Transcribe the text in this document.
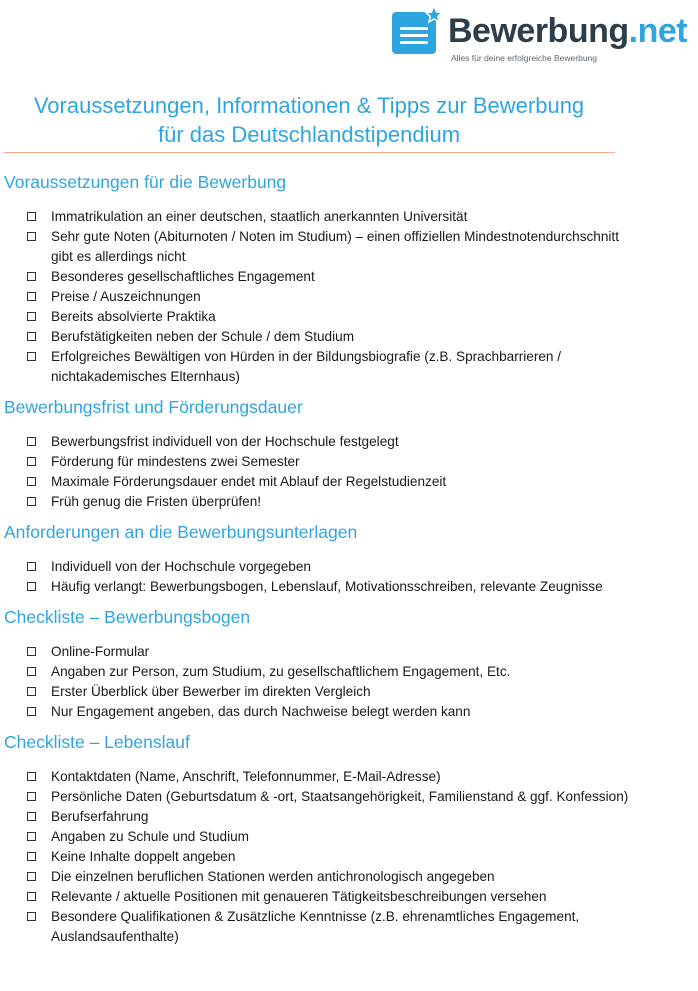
Bewerbung.net
Alles für deine erfolgreiche Bewerbung
Voraussetzungen, Informationen & Tipps zur Bewerbung
für das Deutschlandstipendium
Voraussetzungen für die Bewerbung
Immatrikulation an einer deutschen, staatlich anerkannten Universität
Sehr gute Noten (Abiturnoten / Noten im Studium) – einen offiziellen Mindestnotendurchschnitt gibt es allerdings nicht
Besonderes gesellschaftliches Engagement
Preise / Auszeichnungen
Bereits absolvierte Praktika
Berufstätigkeiten neben der Schule / dem Studium
Erfolgreiches Bewältigen von Hürden in der Bildungsbiografie (z.B. Sprachbarrieren / nichtakademisches Elternhaus)
Bewerbungsfrist und Förderungsdauer
Bewerbungsfrist individuell von der Hochschule festgelegt
Förderung für mindestens zwei Semester
Maximale Förderungsdauer endet mit Ablauf der Regelstudienzeit
Früh genug die Fristen überprüfen!
Anforderungen an die Bewerbungsunterlagen
Individuell von der Hochschule vorgegeben
Häufig verlangt: Bewerbungsbogen, Lebenslauf, Motivationsschreiben, relevante Zeugnisse
Checkliste – Bewerbungsbogen
Online-Formular
Angaben zur Person, zum Studium, zu gesellschaftlichem Engagement, Etc.
Erster Überblick über Bewerber im direkten Vergleich
Nur Engagement angeben, das durch Nachweise belegt werden kann
Checkliste – Lebenslauf
Kontaktdaten (Name, Anschrift, Telefonnummer, E-Mail-Adresse)
Persönliche Daten (Geburtsdatum & -ort, Staatsangehörigkeit, Familienstand & ggf. Konfession)
Berufserfahrung
Angaben zu Schule und Studium
Keine Inhalte doppelt angeben
Die einzelnen beruflichen Stationen werden antichronologisch angegeben
Relevante / aktuelle Positionen mit genaueren Tätigkeitsbeschreibungen versehen
Besondere Qualifikationen & Zusätzliche Kenntnisse (z.B. ehrenamtliches Engagement, Auslandsaufenthalte)
